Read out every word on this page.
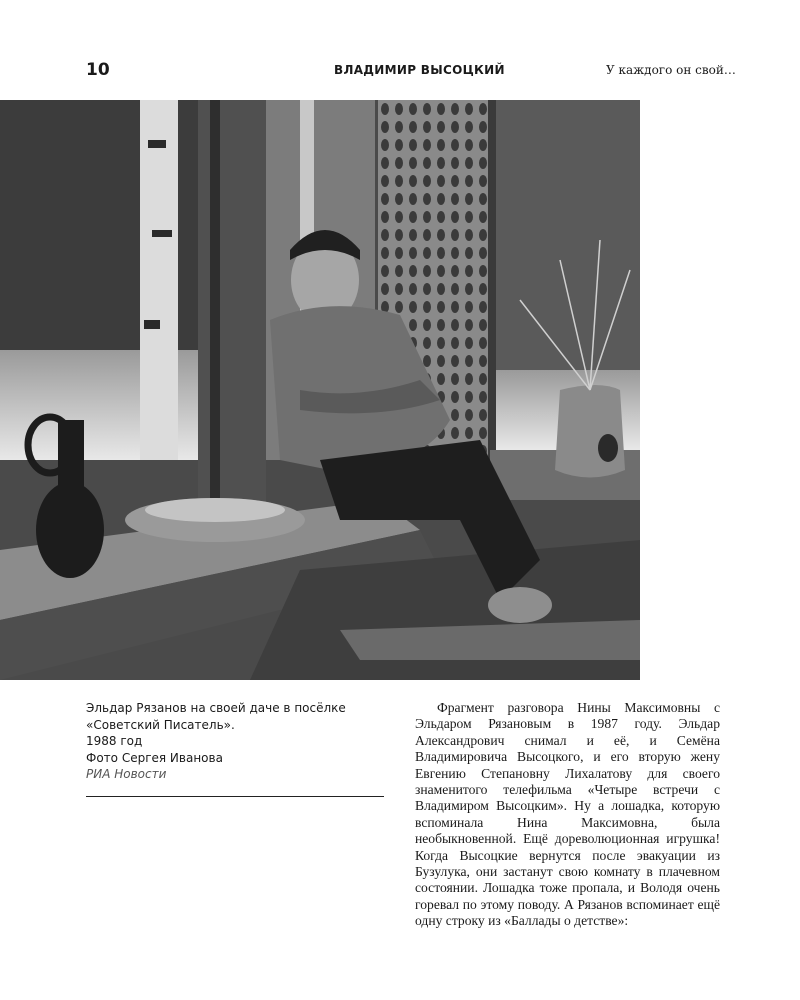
10	ВЛАДИМИР ВЫСОЦКИЙ	У каждого он свой…
Эльдар Рязанов на своей даче в посёлке
«Советский Писатель».
1988 год
Фото Сергея Иванова
РИА Новости

Фрагмент разговора Нины Максимовны с Эльдаром Рязановым в 1987 году. Эльдар Александрович снимал и её, и Семёна Владимировича Высоцкого, и его вторую жену Евгению Степановну Лихалатову для своего знаменитого телефильма «Четыре встречи с Владимиром Высоцким». Ну а лошадка, которую вспоминала Нина Максимовна, была необыкновенной. Ещё дореволюционная игрушка! Когда Высоцкие вернутся после эвакуации из Бузулука, они застанут свою комнату в плачевном состоянии. Лошадка тоже пропала, и Володя очень горевал по этому поводу. А Рязанов вспоминает ещё одну строку из «Баллады о детстве»:
